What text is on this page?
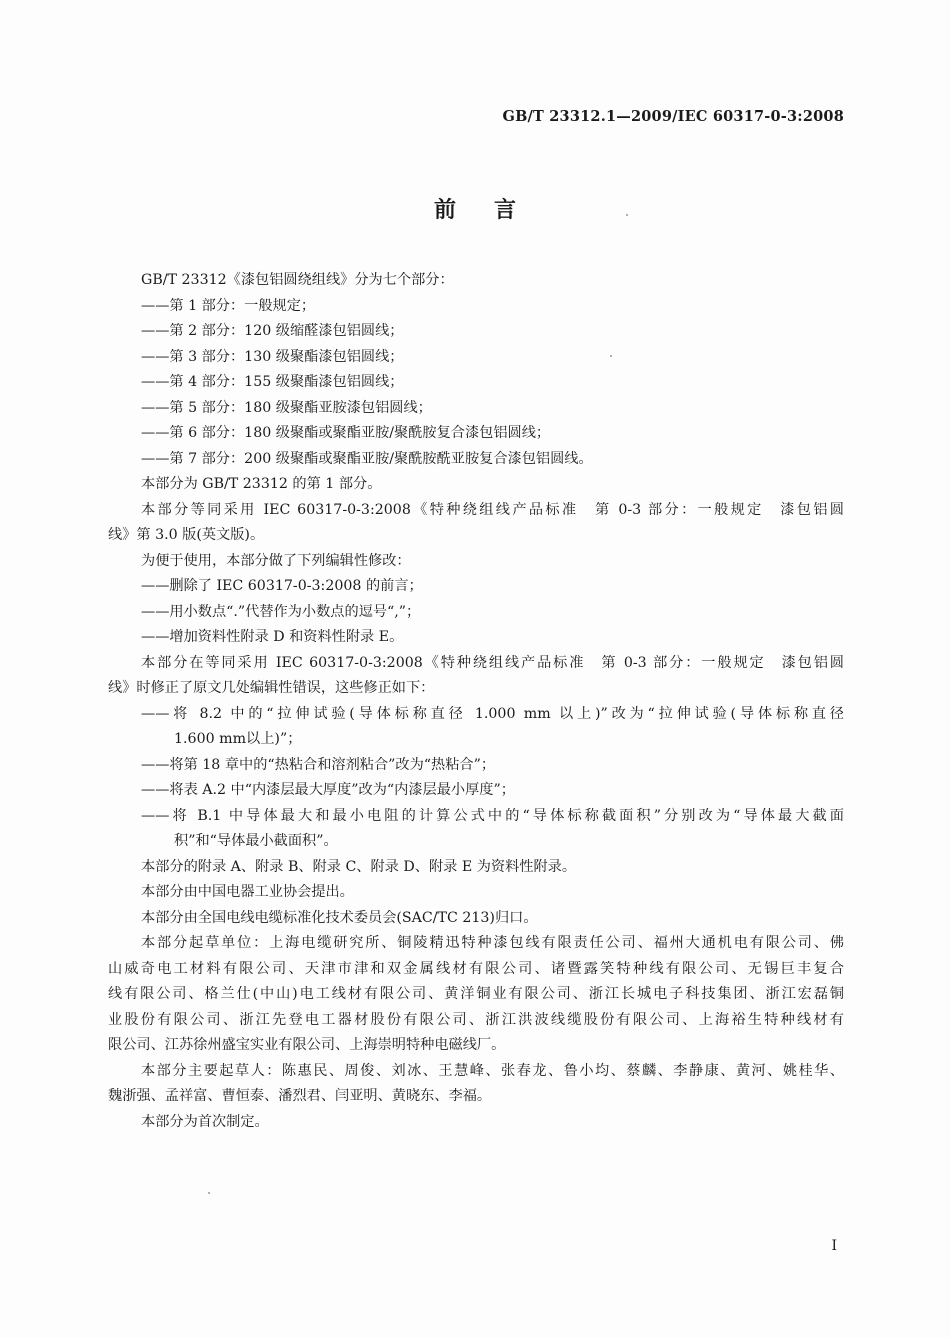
GB/T 23312.1—2009/IEC 60317-0-3:2008
前言
GB/T 23312《漆包铝圆绕组线》分为七个部分：
——第 1 部分：一般规定；
——第 2 部分：120 级缩醛漆包铝圆线；
——第 3 部分：130 级聚酯漆包铝圆线；
——第 4 部分：155 级聚酯漆包铝圆线；
——第 5 部分：180 级聚酯亚胺漆包铝圆线；
——第 6 部分：180 级聚酯或聚酯亚胺/聚酰胺复合漆包铝圆线；
——第 7 部分：200 级聚酯或聚酯亚胺/聚酰胺酰亚胺复合漆包铝圆线。
本部分为 GB/T 23312 的第 1 部分。
本部分等同采用 IEC 60317-0-3:2008《特种绕组线产品标准　第 0-3 部分：一般规定　漆包铝圆
线》第 3.0 版(英文版)。
为便于使用，本部分做了下列编辑性修改：
——删除了 IEC 60317-0-3:2008 的前言；
——用小数点“.”代替作为小数点的逗号“,”；
——增加资料性附录 D 和资料性附录 E。
本部分在等同采用 IEC 60317-0-3:2008《特种绕组线产品标准　第 0-3 部分：一般规定　漆包铝圆
线》时修正了原文几处编辑性错误，这些修正如下：
——将 8.2 中的“拉伸试验(导体标称直径 1.000 mm 以上)”改为“拉伸试验(导体标称直径
1.600 mm以上)”；
——将第 18 章中的“热粘合和溶剂粘合”改为“热粘合”；
——将表 A.2 中“内漆层最大厚度”改为“内漆层最小厚度”；
——将 B.1 中导体最大和最小电阻的计算公式中的“导体标称截面积”分别改为“导体最大截面
积”和“导体最小截面积”。
本部分的附录 A、附录 B、附录 C、附录 D、附录 E 为资料性附录。
本部分由中国电器工业协会提出。
本部分由全国电线电缆标准化技术委员会(SAC/TC 213)归口。
本部分起草单位：上海电缆研究所、铜陵精迅特种漆包线有限责任公司、福州大通机电有限公司、佛
山威奇电工材料有限公司、天津市津和双金属线材有限公司、诸暨露笑特种线有限公司、无锡巨丰复合
线有限公司、格兰仕(中山)电工线材有限公司、黄洋铜业有限公司、浙江长城电子科技集团、浙江宏磊铜
业股份有限公司、浙江先登电工器材股份有限公司、浙江洪波线缆股份有限公司、上海裕生特种线材有
限公司、江苏徐州盛宝实业有限公司、上海崇明特种电磁线厂。
本部分主要起草人：陈惠民、周俊、刘冰、王慧峰、张春龙、鲁小均、蔡麟、李静康、黄河、姚桂华、
魏浙强、孟祥富、曹恒泰、潘烈君、闫亚明、黄晓东、李福。
本部分为首次制定。
I
